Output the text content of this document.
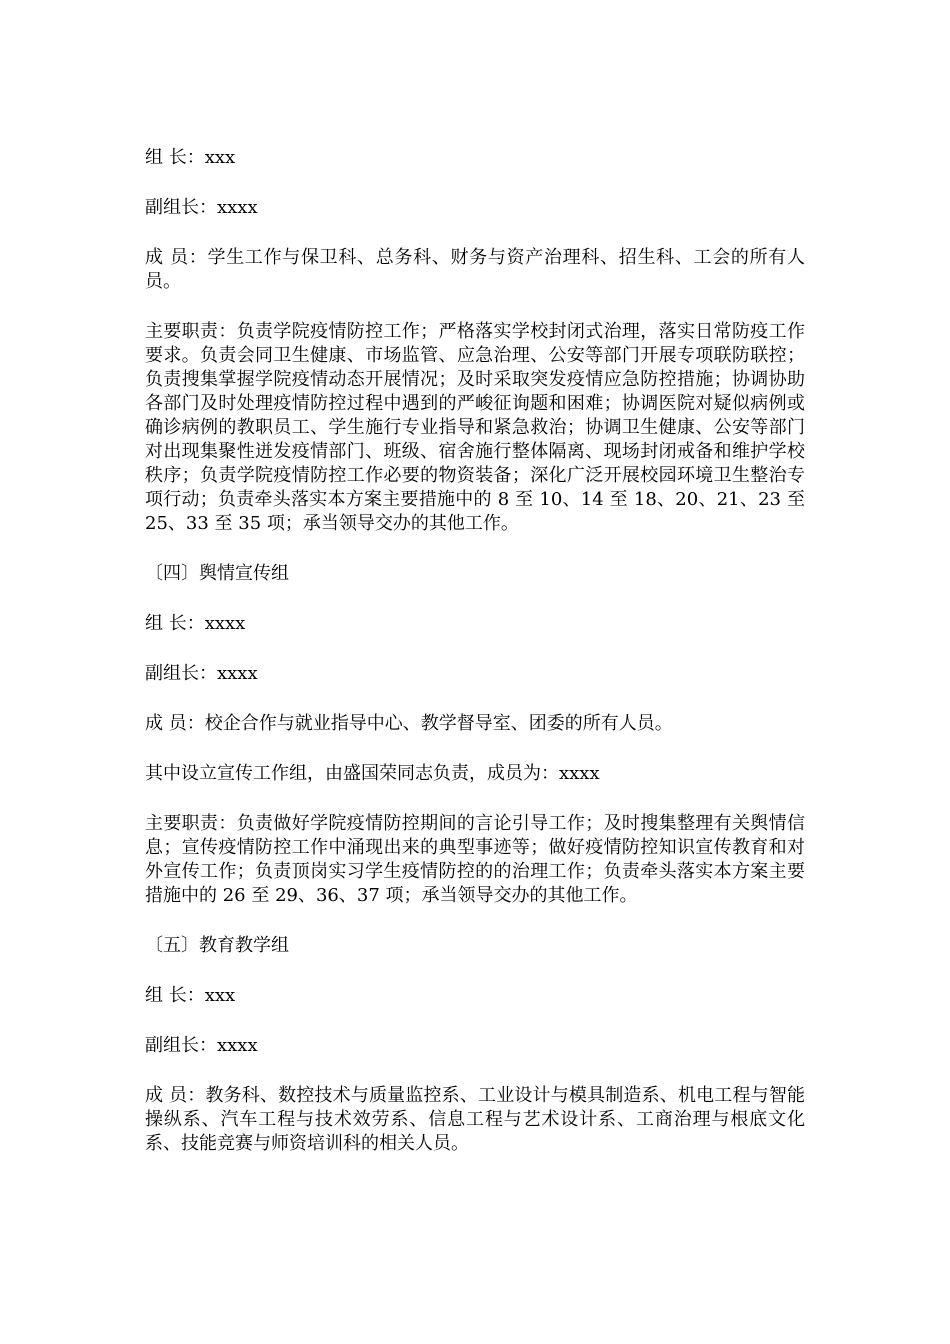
组 长：xxx

副组长：xxxx

成 员：学生工作与保卫科、总务科、财务与资产治理科、招生科、工会的所有人员。

主要职责：负责学院疫情防控工作；严格落实学校封闭式治理，落实日常防疫工作要求。负责会同卫生健康、市场监管、应急治理、公安等部门开展专项联防联控；负责搜集掌握学院疫情动态开展情况；及时采取突发疫情应急防控措施；协调协助各部门及时处理疫情防控过程中遇到的严峻征询题和困难；协调医院对疑似病例或确诊病例的教职员工、学生施行专业指导和紧急救治；协调卫生健康、公安等部门对出现集聚性迸发疫情部门、班级、宿舍施行整体隔离、现场封闭戒备和维护学校秩序；负责学院疫情防控工作必要的物资装备；深化广泛开展校园环境卫生整治专项行动；负责牵头落实本方案主要措施中的 8 至 10、14 至 18、20、21、23 至 25、33 至 35 项；承当领导交办的其他工作。

〔四〕舆情宣传组

组 长：xxxx

副组长：xxxx

成 员：校企合作与就业指导中心、教学督导室、团委的所有人员。

其中设立宣传工作组，由盛国荣同志负责，成员为：xxxx

主要职责：负责做好学院疫情防控期间的言论引导工作；及时搜集整理有关舆情信息；宣传疫情防控工作中涌现出来的典型事迹等；做好疫情防控知识宣传教育和对外宣传工作；负责顶岗实习学生疫情防控的的治理工作；负责牵头落实本方案主要措施中的 26 至 29、36、37 项；承当领导交办的其他工作。

〔五〕教育教学组

组 长：xxx

副组长：xxxx

成 员：教务科、数控技术与质量监控系、工业设计与模具制造系、机电工程与智能操纵系、汽车工程与技术效劳系、信息工程与艺术设计系、工商治理与根底文化系、技能竞赛与师资培训科的相关人员。
